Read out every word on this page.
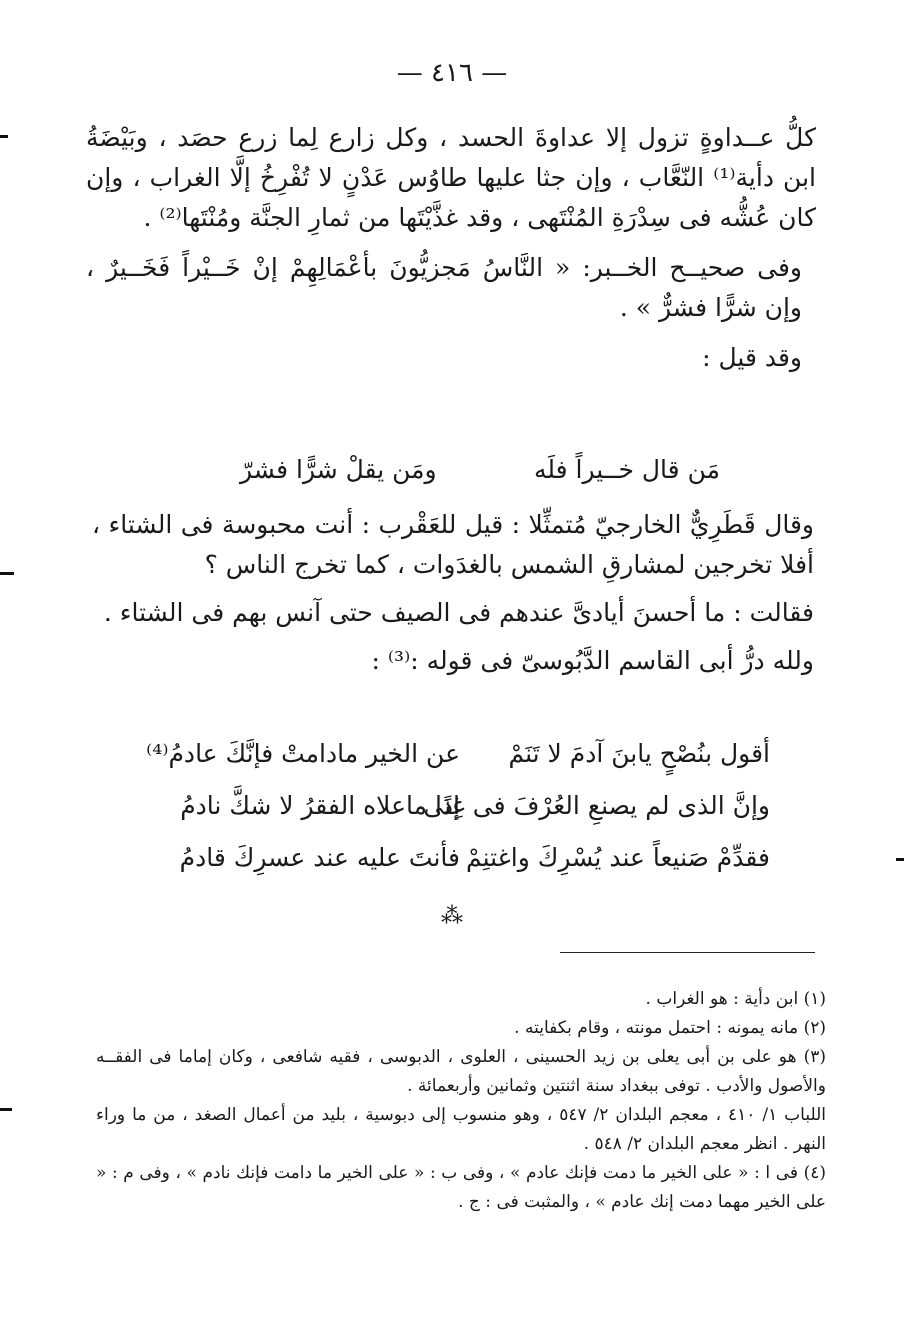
— ٤١٦ —

كلُّ عــداوةٍ تزول إلا عداوةَ الحسد ، وكل زارع لِما زرع حصَد ، وبَيْضَةُ ابن دأية⁽¹⁾ النّعَّاب ، وإن جثا عليها طاوُس عَدْنٍ لا تُفْرِخُ إلَّا الغراب ، وإن كان عُشُّه فى سِدْرَةِ المُنْتَهى ، وقد غذَّيْتَها من ثمارِ الجنَّة ومُنْتَها⁽²⁾ .

وفى صحيــح الخــبر: « النَّاسُ مَجزيُّونَ بأعْمَالِهِمْ إنْ خَــيْراً فَخَــيرٌ ، وإن شرًّا فشرٌّ » .

وقد قيل :

مَن قال خــيراً فلَه
ومَن يقلْ شرًّا فشرّ

وقال قَطَرِيٌّ الخارجيّ مُتمثِّلا : قيل للعَقْرب : أنت محبوسة فى الشتاء ، أفلا تخرجين لمشارقِ الشمس بالغدَوات ، كما تخرج الناس ؟

فقالت : ما أحسنَ أيادىَّ عندهم فى الصيف حتى آنس بهم فى الشتاء .

ولله درُّ أبى القاسم الدَّبُوسىّ فى قوله :⁽³⁾ :

أقول بنُصْحٍ يابنَ آدمَ لا تَنَمْ
عن الخير مادامتْ فإنَّكَ عادمُ⁽⁴⁾
وإنَّ الذى لم يصنعِ العُرْفَ فى غِنًى
إذا ماعلاه الفقرُ لا شكَّ نادمُ
فقدِّمْ صَنيعاً عند يُسْرِكَ واغتنِمْ
فأنتَ عليه عند عسرِكَ قادمُ
⁂

(١) ابن دأية : هو الغراب .

(٢) مانه يمونه : احتمل مونته ، وقام بكفايته .

(٣) هو على بن أبى يعلى بن زيد الحسينى ، العلوى ، الدبوسى ، فقيه شافعى ، وكان إماما فى الفقــه والأصول والأدب . توفى ببغداد سنة اثنتين وثمانين وأربعمائة .

اللباب ١/ ٤١٠ ، معجم البلدان ٢/ ٥٤٧ ، وهو منسوب إلى دبوسية ، بليد من أعمال الصغد ، من ما وراء النهر . انظر معجم البلدان ٢/ ٥٤٨ .

(٤) فى ا : « على الخير ما دمت فإنك عادم » ، وفى ب : « على الخير ما دامت فإنك نادم » ، وفى م : « على الخير مهما دمت إنك عادم » ، والمثبت فى : ج .
